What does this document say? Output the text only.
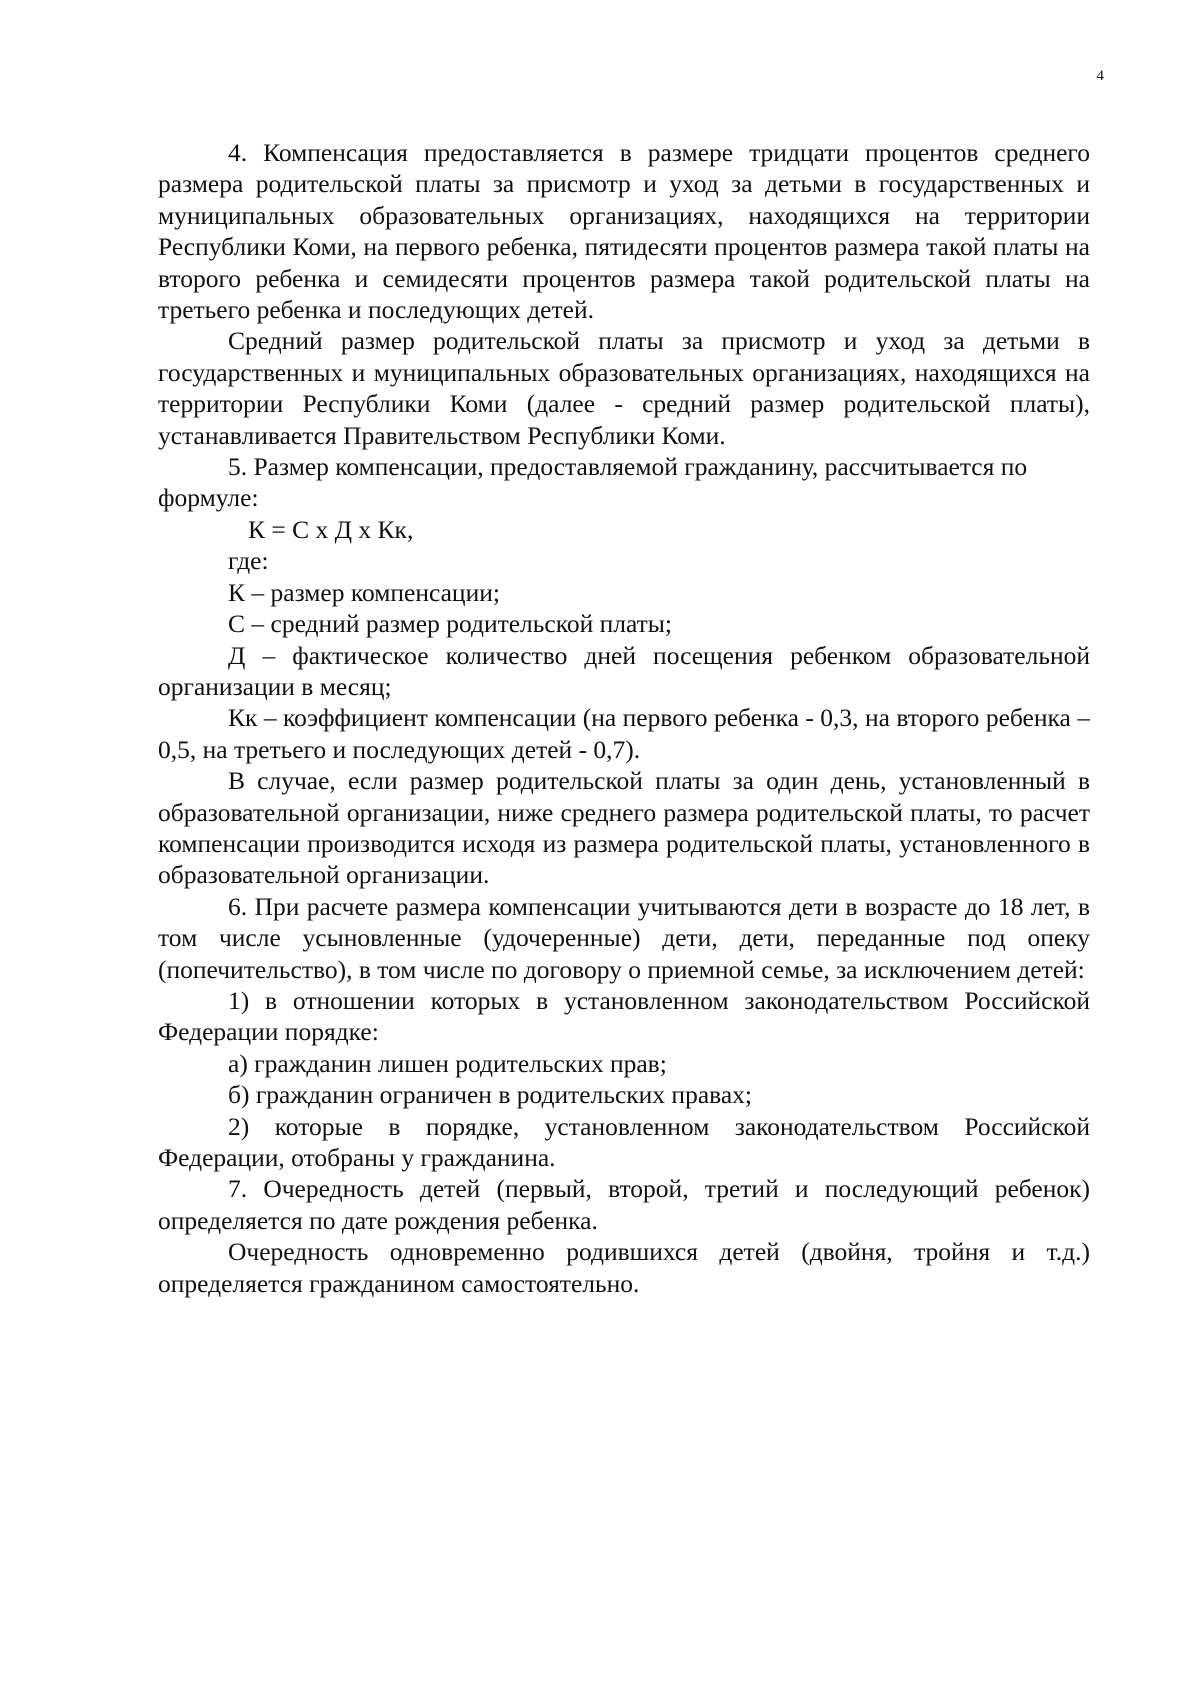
4

4. Компенсация предоставляется в размере тридцати процентов среднего размера родительской платы за присмотр и уход за детьми в государственных и муниципальных образовательных организациях, находящихся на территории Республики Коми, на первого ребенка, пятидесяти процентов размера такой платы на второго ребенка и семидесяти процентов размера такой родительской платы на третьего ребенка и последующих детей.

Средний размер родительской платы за присмотр и уход за детьми в государственных и муниципальных образовательных организациях, находящихся на территории Республики Коми (далее - средний размер родительской платы), устанавливается Правительством Республики Коми.

5. Размер компенсации, предоставляемой гражданину, рассчитывается по формуле:

К = С х Д х Кк,

где:

К – размер компенсации;

С – средний размер родительской платы;

Д – фактическое количество дней посещения ребенком образовательной организации в месяц;

Кк – коэффициент компенсации (на первого ребенка - 0,3, на второго ребенка – 0,5, на третьего и последующих детей - 0,7).

В случае, если размер родительской платы за один день, установленный в образовательной организации, ниже среднего размера родительской платы, то расчет компенсации производится исходя из размера родительской платы, установленного в образовательной организации.

6. При расчете размера компенсации учитываются дети в возрасте до 18 лет, в том числе усыновленные (удочеренные) дети, дети, переданные под опеку (попечительство), в том числе по договору о приемной семье, за исключением детей:

1) в отношении которых в установленном законодательством Российской Федерации порядке:

а) гражданин лишен родительских прав;

б) гражданин ограничен в родительских правах;

2) которые в порядке, установленном законодательством Российской Федерации, отобраны у гражданина.

7. Очередность детей (первый, второй, третий и последующий ребенок) определяется по дате рождения ребенка.

Очередность одновременно родившихся детей (двойня, тройня и т.д.) определяется гражданином самостоятельно.
